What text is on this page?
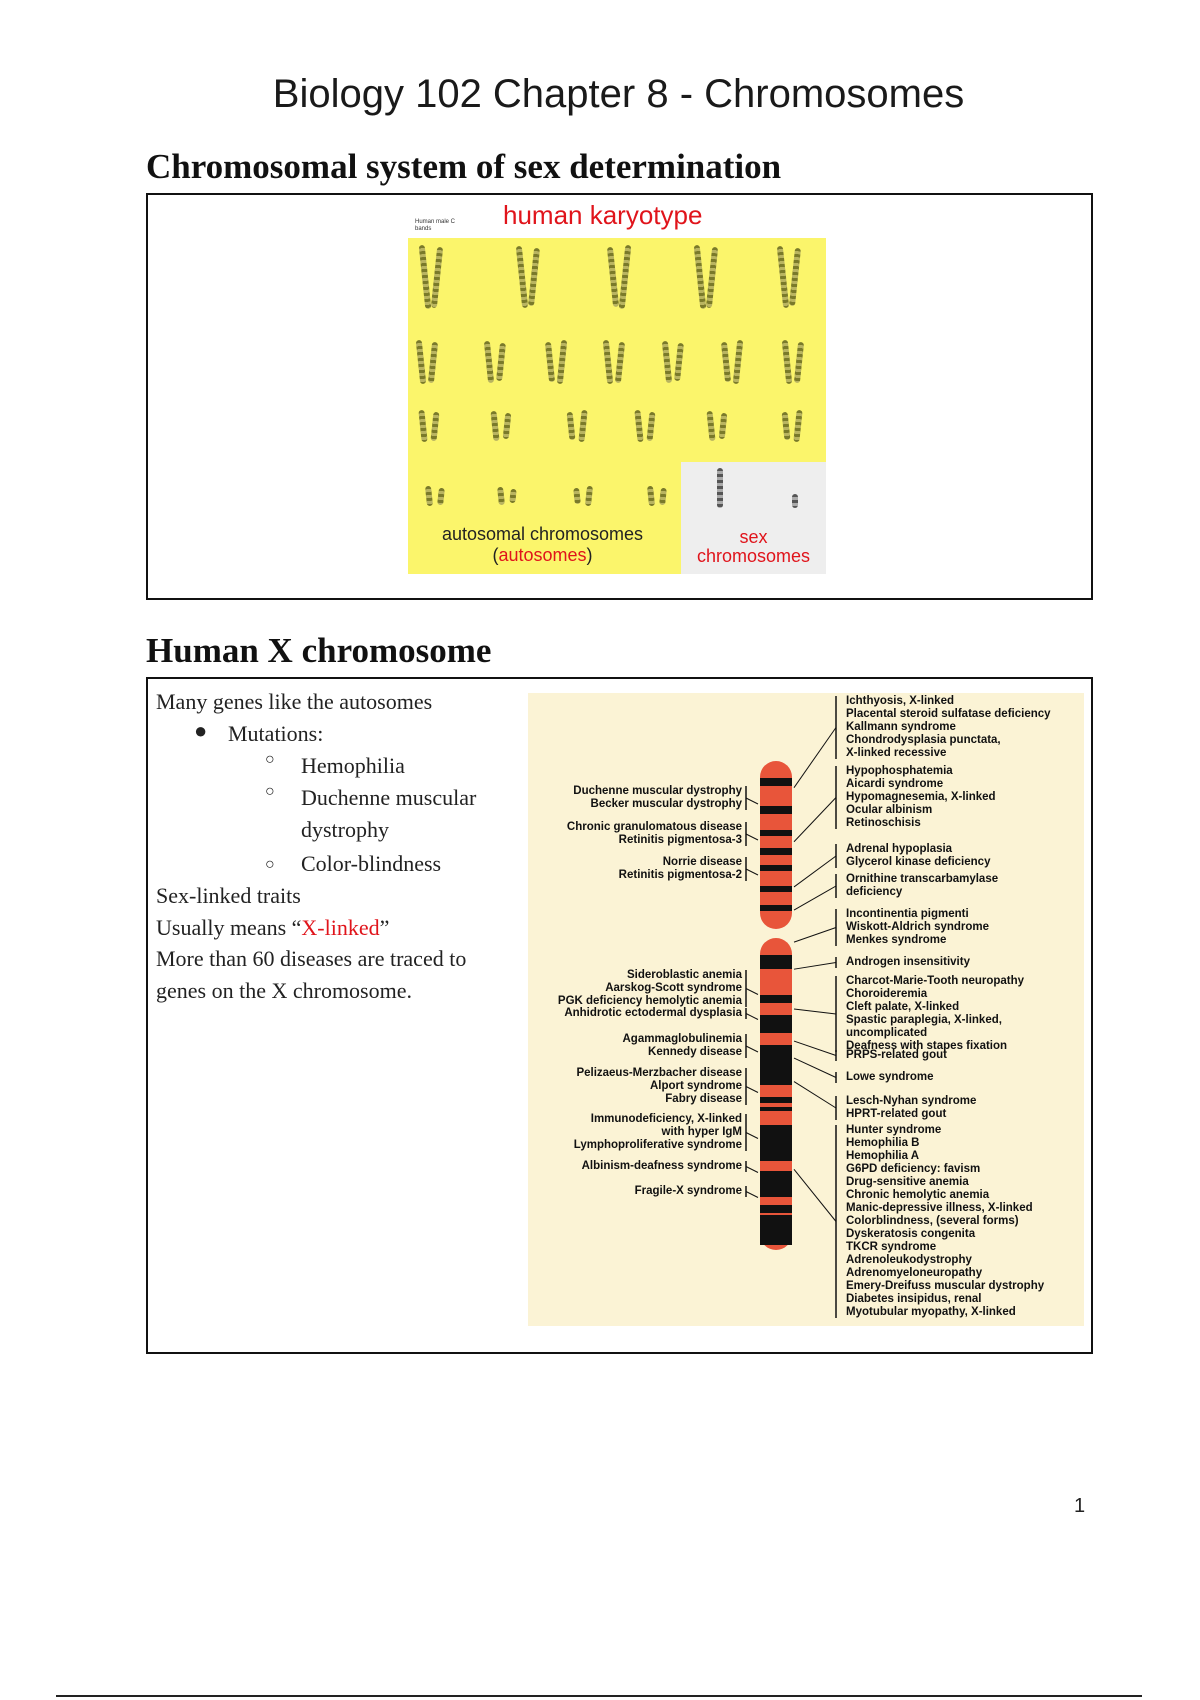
Biology 102 Chapter 8 - Chromosomes
Chromosomal system of sex determination
human karyotype
Human male C bands
autosomal chromosomes
(autosomes)
sex
chromosomes
Human X chromosome
Many genes like the autosomes
● Mutations:
○ Hemophilia
○ Duchenne muscular
dystrophy
○ Color-blindness
Sex-linked traits
Usually means “X-linked”
More than 60 diseases are traced to
genes on the X chromosome.
Duchenne muscular dystrophy
Becker muscular dystrophy
Chronic granulomatous disease
Retinitis pigmentosa-3
Norrie disease
Retinitis pigmentosa-2
Sideroblastic anemia
Aarskog-Scott syndrome
PGK deficiency hemolytic anemia
Anhidrotic ectodermal dysplasia
Agammaglobulinemia
Kennedy disease
Pelizaeus-Merzbacher disease
Alport syndrome
Fabry disease
Immunodeficiency, X-linked
with hyper IgM
Lymphoproliferative syndrome
Albinism-deafness syndrome
Fragile-X syndrome
Ichthyosis, X-linked
Placental steroid sulfatase deficiency
Kallmann syndrome
Chondrodysplasia punctata,
X-linked recessive
Hypophosphatemia
Aicardi syndrome
Hypomagnesemia, X-linked
Ocular albinism
Retinoschisis
Adrenal hypoplasia
Glycerol kinase deficiency
Ornithine transcarbamylase
deficiency
Incontinentia pigmenti
Wiskott-Aldrich syndrome
Menkes syndrome
Androgen insensitivity
Charcot-Marie-Tooth neuropathy
Choroideremia
Cleft palate, X-linked
Spastic paraplegia, X-linked,
uncomplicated
Deafness with stapes fixation
PRPS-related gout
Lowe syndrome
Lesch-Nyhan syndrome
HPRT-related gout
Hunter syndrome
Hemophilia B
Hemophilia A
G6PD deficiency: favism
Drug-sensitive anemia
Chronic hemolytic anemia
Manic-depressive illness, X-linked
Colorblindness, (several forms)
Dyskeratosis congenita
TKCR syndrome
Adrenoleukodystrophy
Adrenomyeloneuropathy
Emery-Dreifuss muscular dystrophy
Diabetes insipidus, renal
Myotubular myopathy, X-linked
1
